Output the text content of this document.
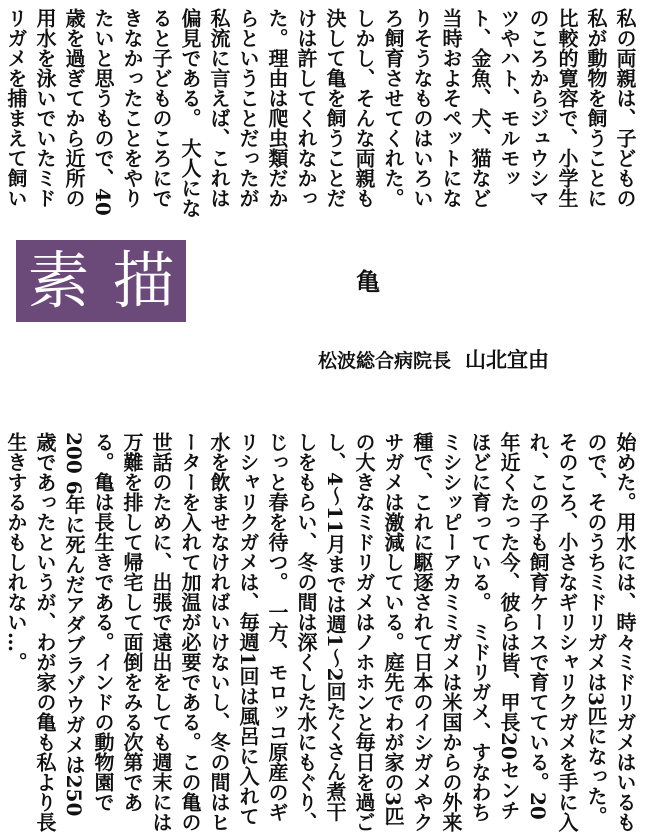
私の両親は、子どもの私が動物を飼うことに比較的寛容で、小学生のころからジュウシマツやハト、モルモット、金魚、犬、猫など当時およそペットになりそうなものはいろいろ飼育させてくれた。しかし、そんな両親も決して亀を飼うことだけは許してくれなかった。理由は爬虫類だからということだったが私流に言えば、これは偏見である。　大人になると子どものころにできなかったことをやりたいと思うもので、40歳を過ぎてから近所の用水を泳いでいたミドリガメを捕まえて飼い
素 描	亀
松波総合病院長 山北宜由
始めた。用水には、時々ミドリガメはいるもので、そのうちミドリガメは3匹になった。そのころ、小さなギリシャリクガメを手に入れ、この子も飼育ケースで育てている。20年近くたった今、彼らは皆、甲長20センチほどに育っている。　ミドリガメ、すなわちミシシッピーアカミミガメは米国からの外来種で、これに駆逐されて日本のイシガメやクサガメは激減している。庭先でわが家の3匹の大きなミドリガメはノホホンと毎日を過ごし、4～11月までは週1～2回たくさん煮干しをもらい、冬の間は深くした水にもぐり、じっと春を待つ。　一方、モロッコ原産のギリシャリクガメは、毎週1回は風呂に入れて水を飲ませなければいけないし、冬の間はヒーターを入れて加温が必要である。この亀の世話のために、出張で遠出をしても週末には万難を排して帰宅して面倒をみる次第である。亀は長生きである。インドの動物園で200 6年に死んだアダブラゾウガメは250歳であったというが、わが家の亀も私より長生きするかもしれない…。
